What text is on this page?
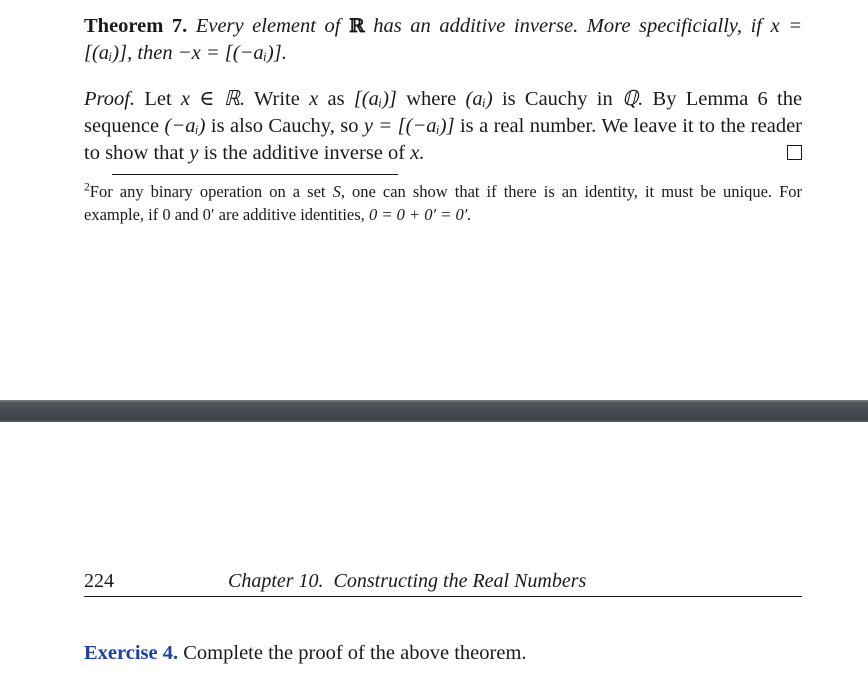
Theorem 7. Every element of ℝ has an additive inverse. More specificially, if x = [(aᵢ)], then −x = [(−aᵢ)].
Proof. Let x ∈ ℝ. Write x as [(aᵢ)] where (aᵢ) is Cauchy in ℚ. By Lemma 6 the sequence (−aᵢ) is also Cauchy, so y = [(−aᵢ)] is a real number. We leave it to the reader to show that y is the additive inverse of x.
$^2$For any binary operation on a set S, one can show that if there is an identity, it must be unique. For example, if 0 and 0′ are additive identities, 0 = 0 + 0′ = 0′.
224	Chapter 10.  Constructing the Real Numbers
Exercise 4. Complete the proof of the above theorem.
